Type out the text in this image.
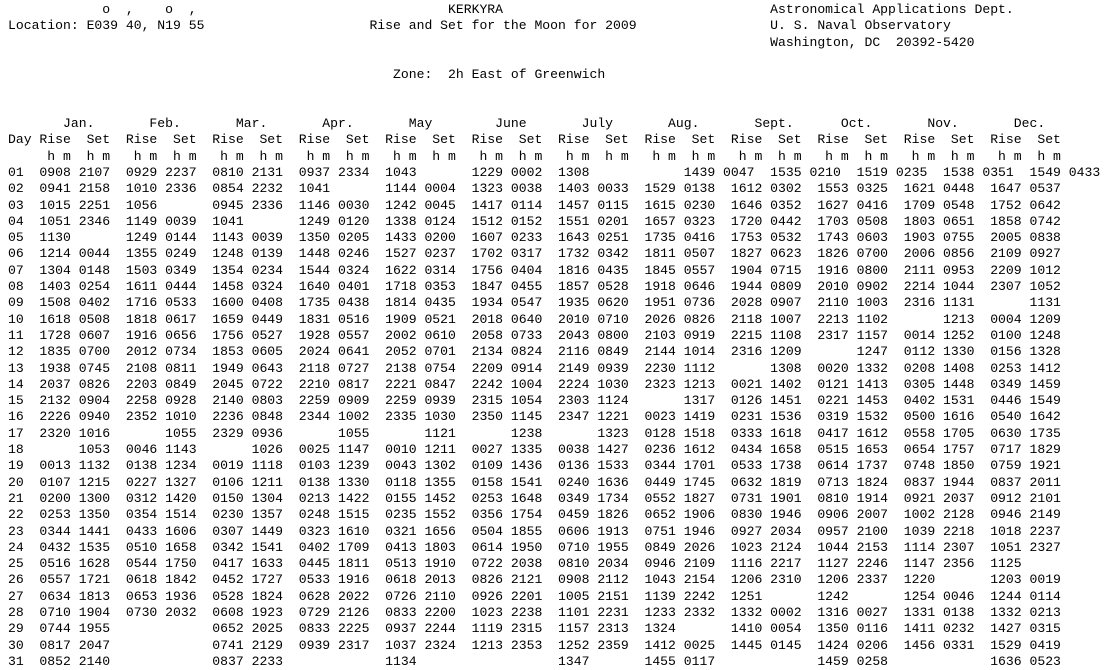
o  ,    o  ,                                KERKYRA                                  Astronomical Applications Dept.
Location: E039 40, N19 55                     Rise and Set for the Moon for 2009                 U. S. Naval Observatory
Washington, DC  20392-5420
Zone:  2h East of Greenwich
Jan.       Feb.       Mar.       Apr.       May        June       July       Aug.       Sept.      Oct.       Nov.       Dec.
Day Rise  Set  Rise  Set  Rise  Set  Rise  Set  Rise  Set  Rise  Set  Rise  Set  Rise  Set  Rise  Set  Rise  Set  Rise  Set  Rise  Set
h m  h m   h m  h m   h m  h m   h m  h m   h m  h m   h m  h m   h m  h m   h m  h m   h m  h m   h m  h m   h m  h m   h m  h m
01  0908 2107  0929 2237  0810 2131  0937 2334  1043       1229 0002  1308            1439 0047  1535 0210  1519 0235  1538 0351  1549 0433
02  0941 2158  1010 2336  0854 2232  1041       1144 0004  1323 0038  1403 0033  1529 0138  1612 0302  1553 0325  1621 0448  1647 0537
03  1015 2251  1056       0945 2336  1146 0030  1242 0045  1417 0114  1457 0115  1615 0230  1646 0352  1627 0416  1709 0548  1752 0642
04  1051 2346  1149 0039  1041       1249 0120  1338 0124  1512 0152  1551 0201  1657 0323  1720 0442  1703 0508  1803 0651  1858 0742
05  1130       1249 0144  1143 0039  1350 0205  1433 0200  1607 0233  1643 0251  1735 0416  1753 0532  1743 0603  1903 0755  2005 0838
06  1214 0044  1355 0249  1248 0139  1448 0246  1527 0237  1702 0317  1732 0342  1811 0507  1827 0623  1826 0700  2006 0856  2109 0927
07  1304 0148  1503 0349  1354 0234  1544 0324  1622 0314  1756 0404  1816 0435  1845 0557  1904 0715  1916 0800  2111 0953  2209 1012
08  1403 0254  1611 0444  1458 0324  1640 0401  1718 0353  1847 0455  1857 0528  1918 0646  1944 0809  2010 0902  2214 1044  2307 1052
09  1508 0402  1716 0533  1600 0408  1735 0438  1814 0435  1934 0547  1935 0620  1951 0736  2028 0907  2110 1003  2316 1131       1131
10  1618 0508  1818 0617  1659 0449  1831 0516  1909 0521  2018 0640  2010 0710  2026 0826  2118 1007  2213 1102       1213  0004 1209
11  1728 0607  1916 0656  1756 0527  1928 0557  2002 0610  2058 0733  2043 0800  2103 0919  2215 1108  2317 1157  0014 1252  0100 1248
12  1835 0700  2012 0734  1853 0605  2024 0641  2052 0701  2134 0824  2116 0849  2144 1014  2316 1209       1247  0112 1330  0156 1328
13  1938 0745  2108 0811  1949 0643  2118 0727  2138 0754  2209 0914  2149 0939  2230 1112       1308  0020 1332  0208 1408  0253 1412
14  2037 0826  2203 0849  2045 0722  2210 0817  2221 0847  2242 1004  2224 1030  2323 1213  0021 1402  0121 1413  0305 1448  0349 1459
15  2132 0904  2258 0928  2140 0803  2259 0909  2259 0939  2315 1054  2303 1124       1317  0126 1451  0221 1453  0402 1531  0446 1549
16  2226 0940  2352 1010  2236 0848  2344 1002  2335 1030  2350 1145  2347 1221  0023 1419  0231 1536  0319 1532  0500 1616  0540 1642
17  2320 1016       1055  2329 0936       1055       1121       1238       1323  0128 1518  0333 1618  0417 1612  0558 1705  0630 1735
18       1053  0046 1143       1026  0025 1147  0010 1211  0027 1335  0038 1427  0236 1612  0434 1658  0515 1653  0654 1757  0717 1829
19  0013 1132  0138 1234  0019 1118  0103 1239  0043 1302  0109 1436  0136 1533  0344 1701  0533 1738  0614 1737  0748 1850  0759 1921
20  0107 1215  0227 1327  0106 1211  0138 1330  0118 1355  0158 1541  0240 1636  0449 1745  0632 1819  0713 1824  0837 1944  0837 2011
21  0200 1300  0312 1420  0150 1304  0213 1422  0155 1452  0253 1648  0349 1734  0552 1827  0731 1901  0810 1914  0921 2037  0912 2101
22  0253 1350  0354 1514  0230 1357  0248 1515  0235 1552  0356 1754  0459 1826  0652 1906  0830 1946  0906 2007  1002 2128  0946 2149
23  0344 1441  0433 1606  0307 1449  0323 1610  0321 1656  0504 1855  0606 1913  0751 1946  0927 2034  0957 2100  1039 2218  1018 2237
24  0432 1535  0510 1658  0342 1541  0402 1709  0413 1803  0614 1950  0710 1955  0849 2026  1023 2124  1044 2153  1114 2307  1051 2327
25  0516 1628  0544 1750  0417 1633  0445 1811  0513 1910  0722 2038  0810 2034  0946 2109  1116 2217  1127 2246  1147 2356  1125
26  0557 1721  0618 1842  0452 1727  0533 1916  0618 2013  0826 2121  0908 2112  1043 2154  1206 2310  1206 2337  1220       1203 0019
27  0634 1813  0653 1936  0528 1824  0628 2022  0726 2110  0926 2201  1005 2151  1139 2242  1251       1242       1254 0046  1244 0114
28  0710 1904  0730 2032  0608 1923  0729 2126  0833 2200  1023 2238  1101 2231  1233 2332  1332 0002  1316 0027  1331 0138  1332 0213
29  0744 1955             0652 2025  0833 2225  0937 2244  1119 2315  1157 2313  1324       1410 0054  1350 0116  1411 0232  1427 0315
30  0817 2047             0741 2129  0939 2317  1037 2324  1213 2353  1252 2359  1412 0025  1445 0145  1424 0206  1456 0331  1529 0419
31  0852 2140             0837 2233             1134                  1347       1455 0117             1459 0258             1636 0523
